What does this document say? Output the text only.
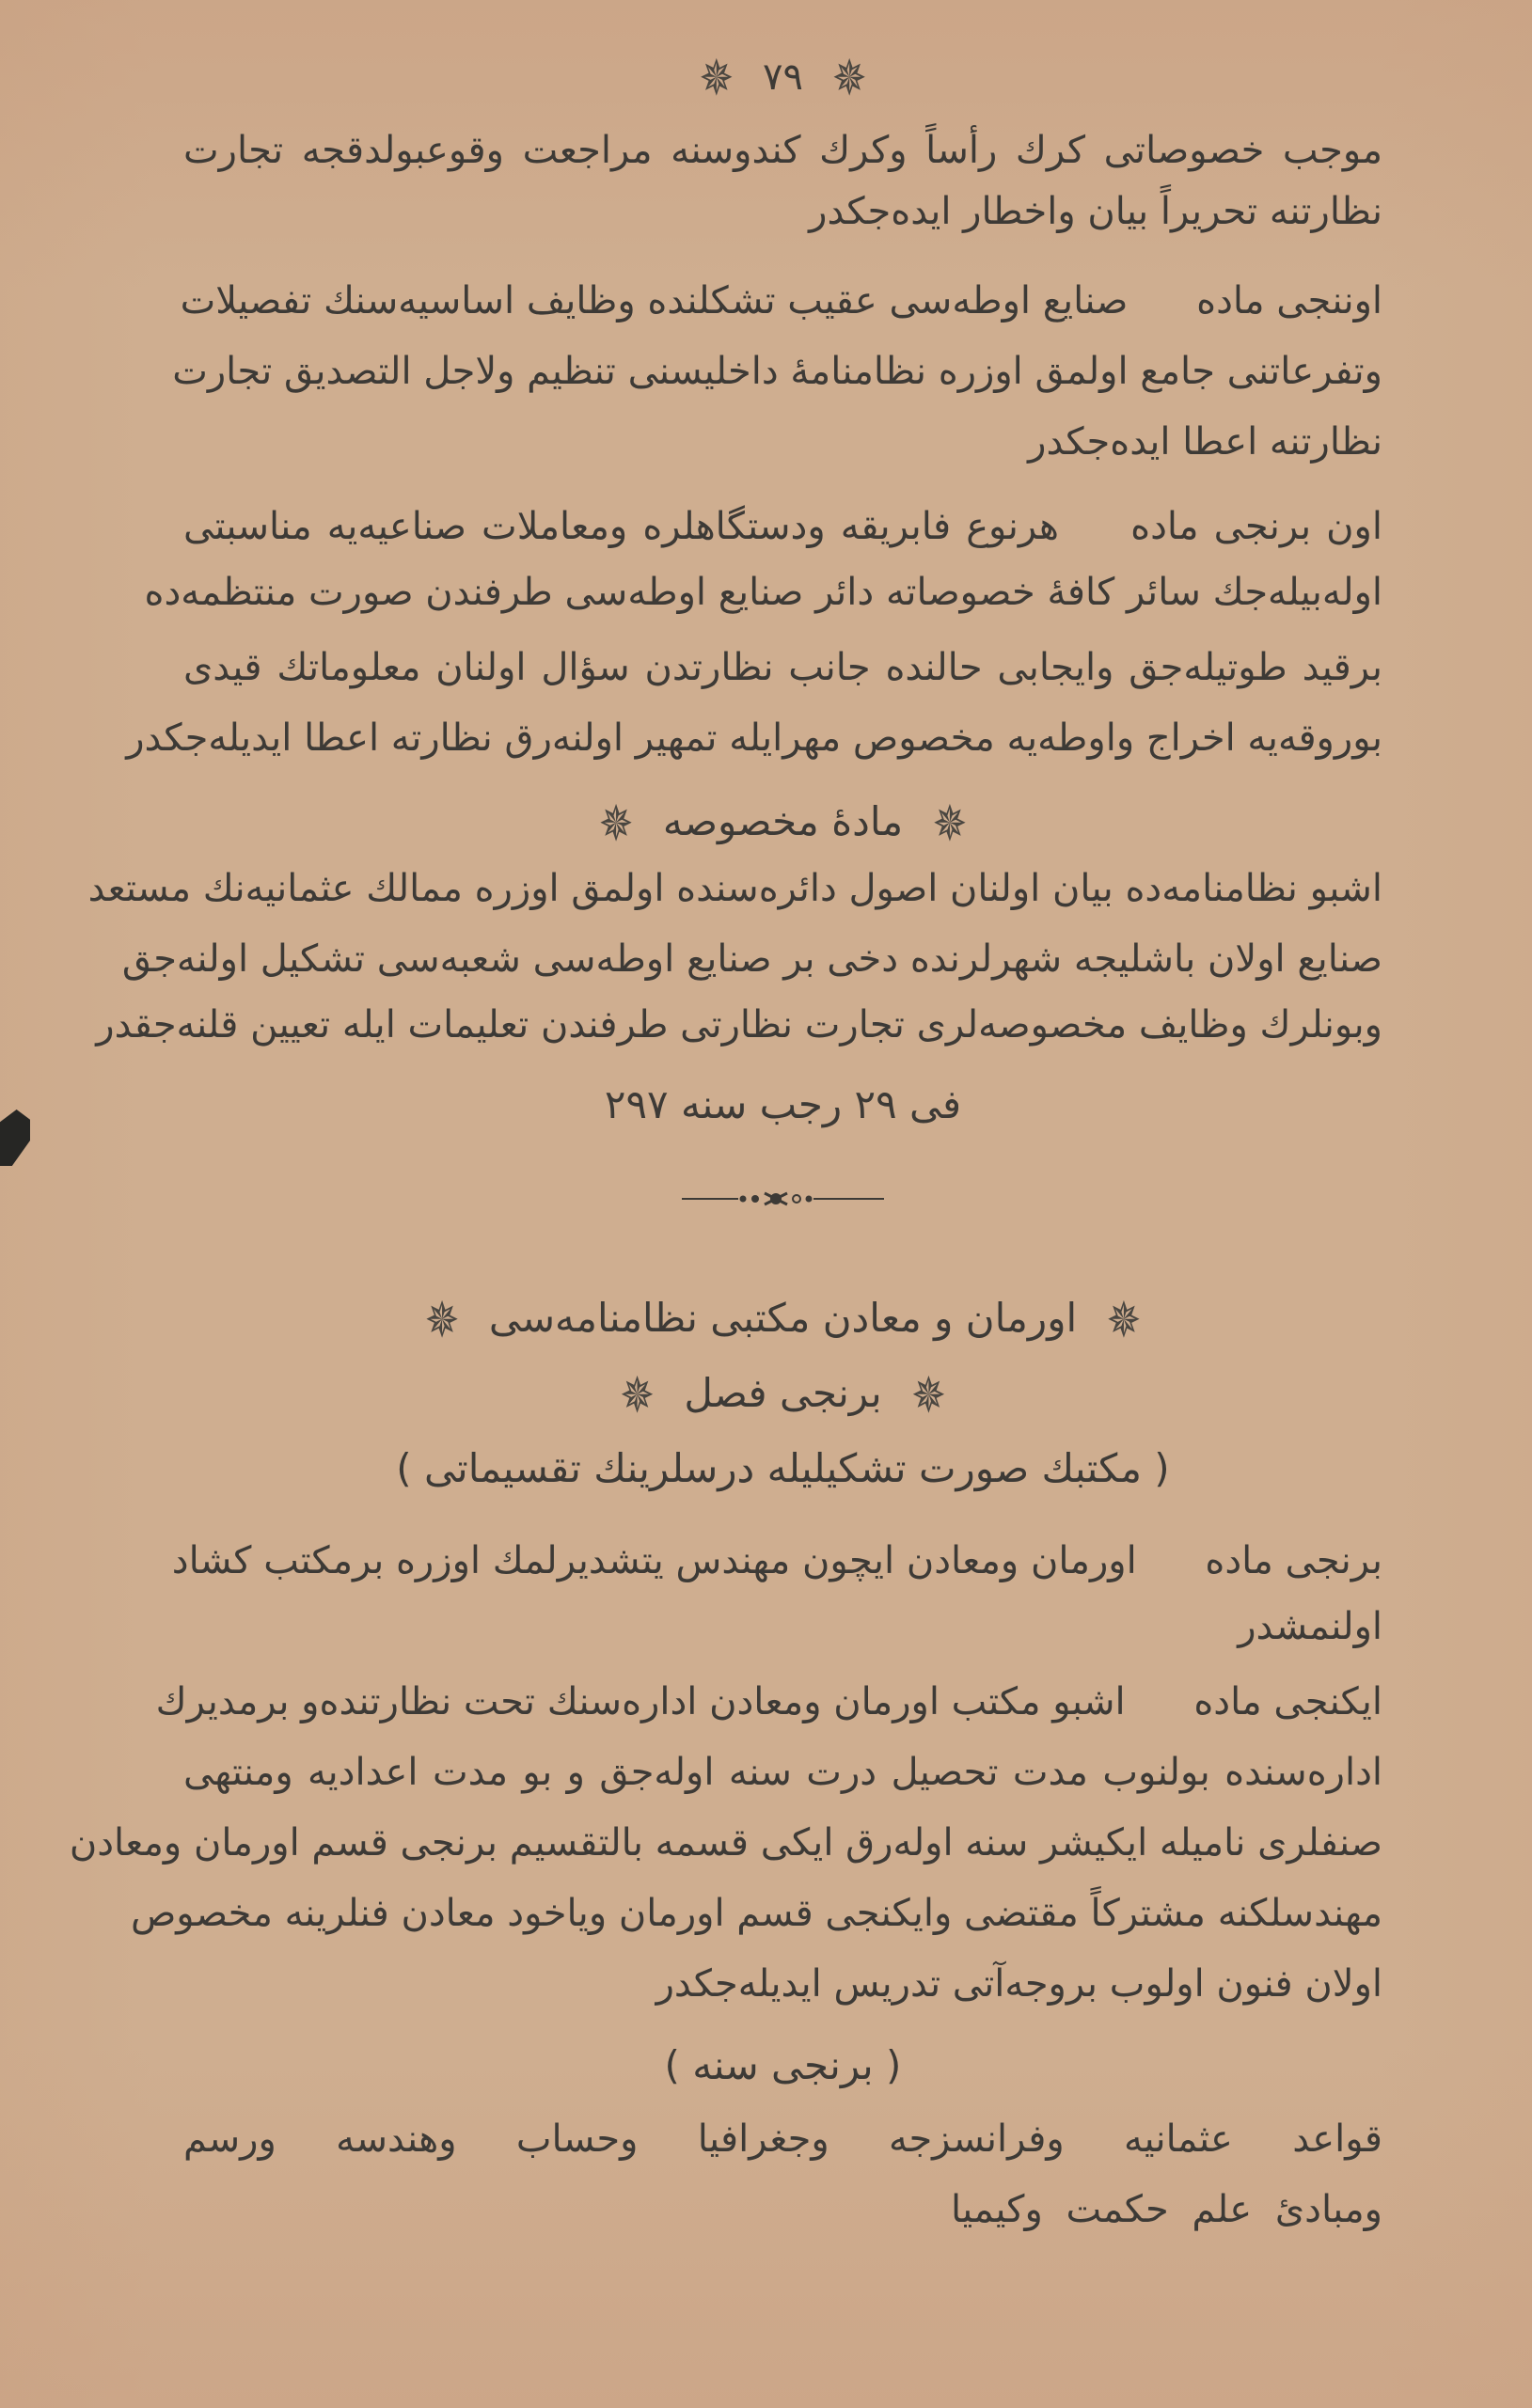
✵ ٧٩ ✵
موجب خصوصاتی کرك رأساً وکرك کندوسنه مراجعت وقوعبولدقجه تجارت
نظارتنه تحریراً بیان واخطار ایده‌جکدر
اوننجی ماده صنایع اوطه‌سی عقیب تشکلنده وظایف اساسیه‌سنك تفصیلات
وتفرعاتنی جامع اولمق اوزره نظامنامهٔ داخلیسنی تنظیم ولاجل التصدیق تجارت
نظارتنه اعطا ایده‌جکدر
اون برنجی ماده هرنوع فابریقه ودستگاهلره ومعاملات صناعیه‌یه مناسبتی
اوله‌بیله‌جك سائر کافهٔ خصوصاته دائر صنایع اوطه‌سی طرفندن صورت منتظمه‌ده
برقید طوتیله‌جق وایجابی حالنده جانب نظارتدن سؤال اولنان معلوماتك قیدی
بوروقه‌یه اخراج واوطه‌یه مخصوص مهرایله تمهیر اولنه‌رق نظارته اعطا ایدیله‌جکدر
✵ مادهٔ مخصوصه ✵
اشبو نظامنامه‌ده بیان اولنان اصول دائره‌سنده اولمق اوزره ممالك عثمانیه‌نك مستعد
صنایع اولان باشلیجه شهرلرنده دخی بر صنایع اوطه‌سی شعبه‌سی تشکیل اولنه‌جق
وبونلرك وظایف مخصوصه‌لری تجارت نظارتی طرفندن تعلیمات ایله تعیین قلنه‌جقدر
فی ٢٩ رجب سنه ٢٩٧
✵ اورمان و معادن مکتبی نظامنامه‌سی ✵
✵ برنجی فصل ✵
( مکتبك صورت تشکیلیله درسلرینك تقسیماتی )
برنجی ماده اورمان ومعادن ایچون مهندس یتشدیرلمك اوزره برمکتب کشاد
اولنمشدر
ایکنجی ماده اشبو مکتب اورمان ومعادن اداره‌سنك تحت نظارتنده‌و برمدیرك
اداره‌سنده بولنوب مدت تحصیل درت سنه اوله‌جق و بو مدت اعدادیه ومنتهی
صنفلری نامیله ایکیشر سنه اوله‌رق ایکی قسمه بالتقسیم برنجی قسم اورمان ومعادن
مهندسلکنه مشترکاً مقتضی وایکنجی قسم اورمان ویاخود معادن فنلرینه مخصوص
اولان فنون اولوب بروجه‌آتی تدریس ایدیله‌جکدر
( برنجی سنه )
قواعد عثمانیه وفرانسزجه وجغرافیا وحساب وهندسه ورسم
ومبادئ علم حکمت وکیمیا
